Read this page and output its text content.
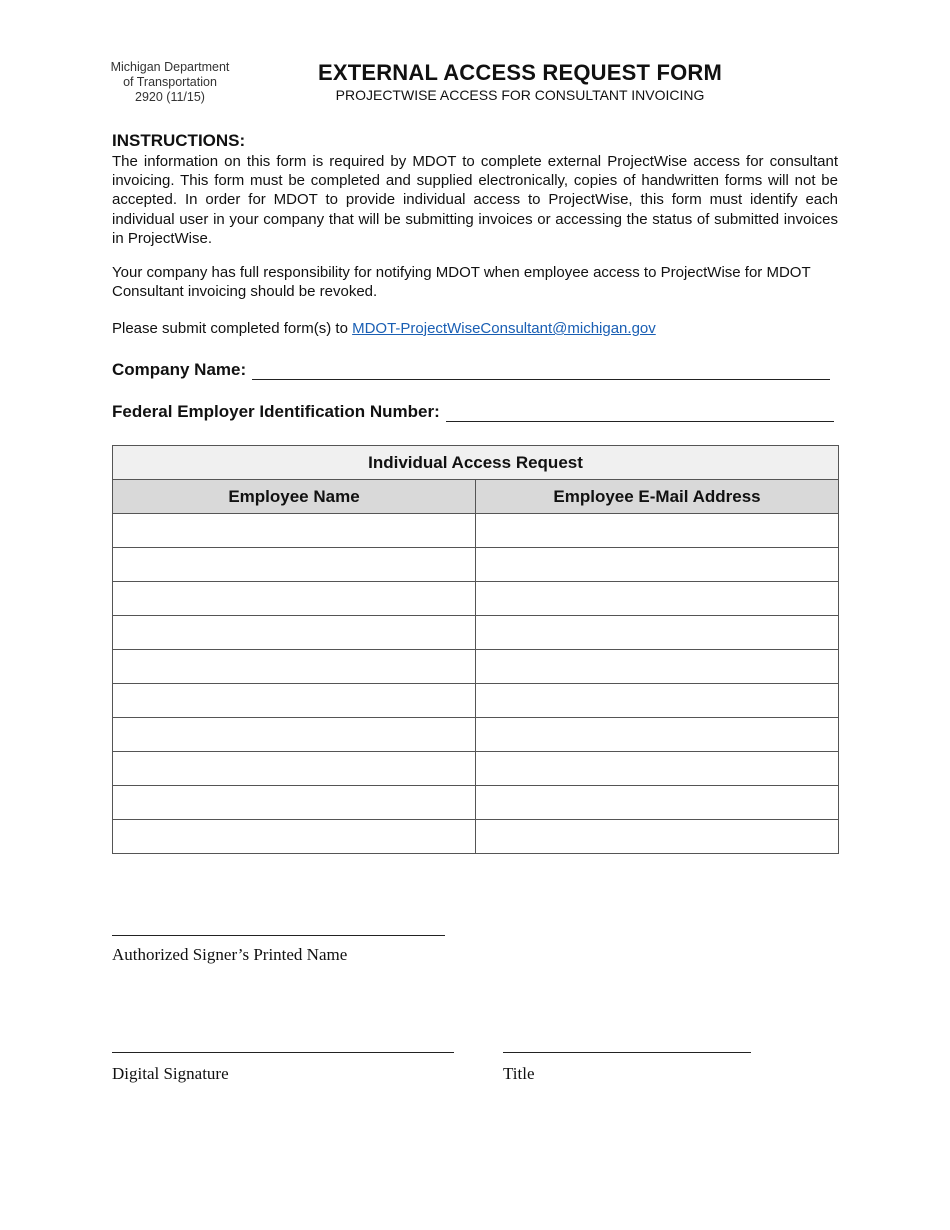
Michigan Department
of Transportation
2920 (11/15)
EXTERNAL ACCESS REQUEST FORM
PROJECTWISE ACCESS FOR CONSULTANT INVOICING
INSTRUCTIONS:
The information on this form is required by MDOT to complete external ProjectWise access for consultant invoicing. This form must be completed and supplied electronically, copies of handwritten forms will not be accepted. In order for MDOT to provide individual access to ProjectWise, this form must identify each individual user in your company that will be submitting invoices or accessing the status of submitted invoices in ProjectWise.
Your company has full responsibility for notifying MDOT when employee access to ProjectWise for MDOT Consultant invoicing should be revoked.
Please submit completed form(s) to MDOT-ProjectWiseConsultant@michigan.gov
Company Name:
Federal Employer Identification Number:
Individual Access Request	
Employee Name	Employee E-Mail Address

Authorized Signer’s Printed Name
Digital Signature	Title
